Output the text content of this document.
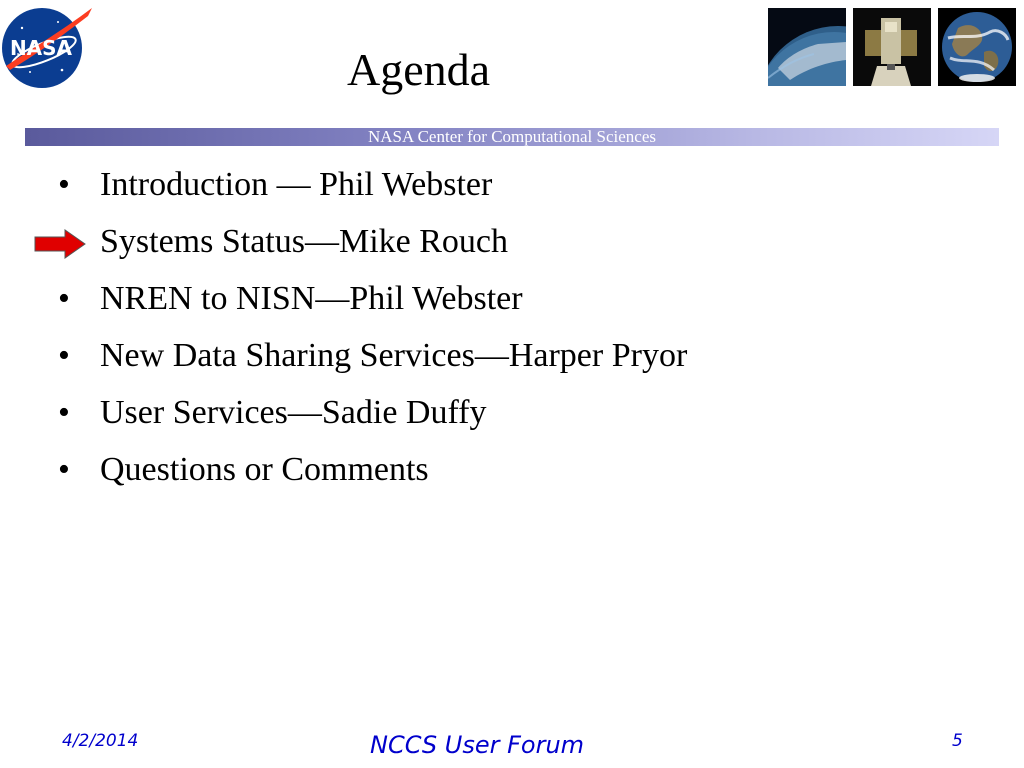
NASA	Agenda
NASA Center for Computational Sciences
• Introduction — Phil Webster
Systems Status—Mike Rouch
• NREN to NISN—Phil Webster
• New Data Sharing Services—Harper Pryor
• User Services—Sadie Duffy
• Questions or Comments
4/2/2014	NCCS User Forum	5
